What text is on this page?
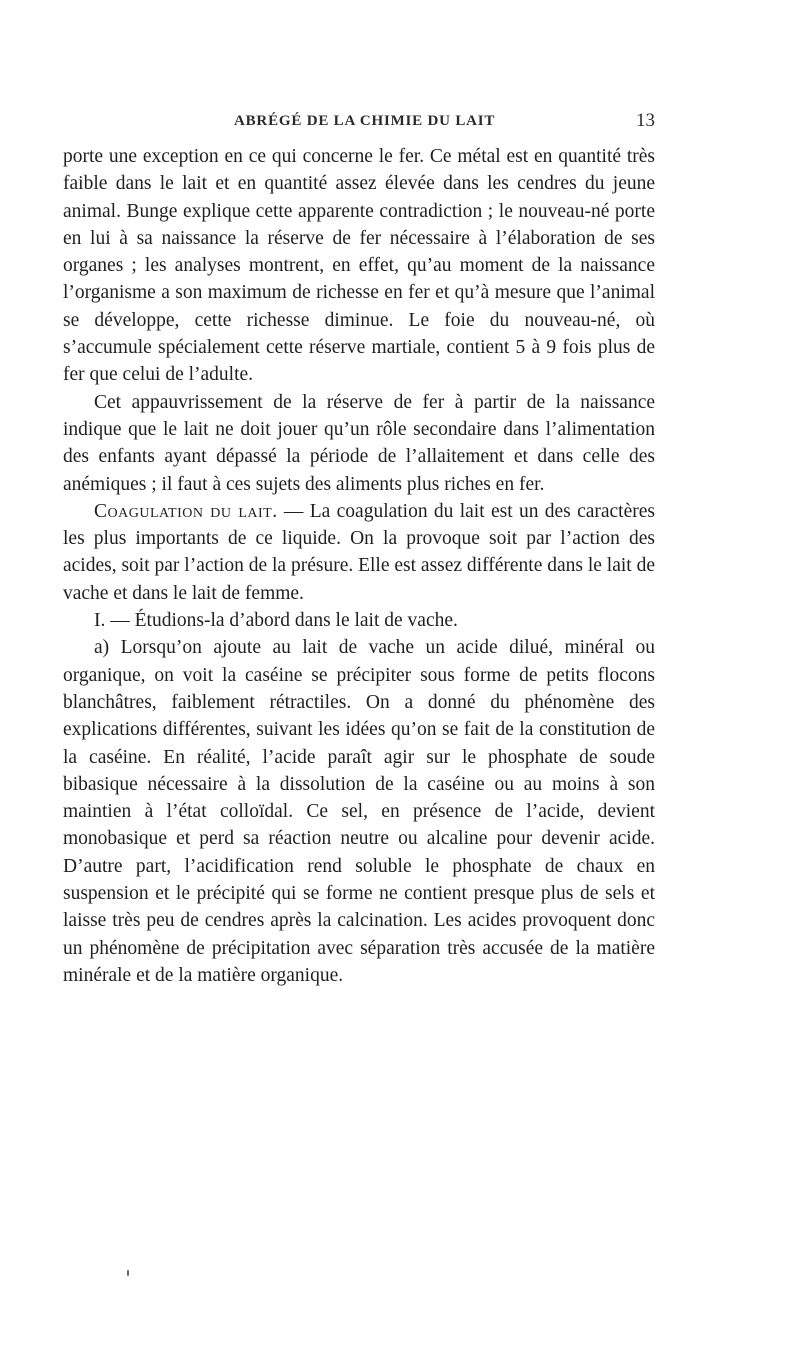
ABRÉGÉ DE LA CHIMIE DU LAIT	13

porte une exception en ce qui concerne le fer. Ce métal est en quantité très faible dans le lait et en quantité assez élevée dans les cendres du jeune animal. Bunge explique cette apparente contradiction ; le nouveau-né porte en lui à sa naissance la réserve de fer nécessaire à l’élaboration de ses organes ; les analyses montrent, en effet, qu’au moment de la naissance l’organisme a son maximum de richesse en fer et qu’à mesure que l’animal se développe, cette richesse diminue. Le foie du nouveau-né, où s’accumule spécialement cette réserve martiale, contient 5 à 9 fois plus de fer que celui de l’adulte.

Cet appauvrissement de la réserve de fer à partir de la naissance indique que le lait ne doit jouer qu’un rôle secondaire dans l’alimentation des enfants ayant dépassé la période de l’allaitement et dans celle des anémiques ; il faut à ces sujets des aliments plus riches en fer.

Coagulation du lait. — La coagulation du lait est un des caractères les plus importants de ce liquide. On la provoque soit par l’action des acides, soit par l’action de la présure. Elle est assez différente dans le lait de vache et dans le lait de femme.

I. — Étudions-la d’abord dans le lait de vache.

a) Lorsqu’on ajoute au lait de vache un acide dilué, minéral ou organique, on voit la caséine se précipiter sous forme de petits flocons blanchâtres, faiblement rétractiles. On a donné du phénomène des explications différentes, suivant les idées qu’on se fait de la constitution de la caséine. En réalité, l’acide paraît agir sur le phosphate de soude bibasique nécessaire à la dissolution de la caséine ou au moins à son maintien à l’état colloïdal. Ce sel, en présence de l’acide, devient monobasique et perd sa réaction neutre ou alcaline pour devenir acide. D’autre part, l’acidification rend soluble le phosphate de chaux en suspension et le précipité qui se forme ne contient presque plus de sels et laisse très peu de cendres après la calcination. Les acides provoquent donc un phénomène de précipitation avec séparation très accusée de la matière minérale et de la matière organique.
